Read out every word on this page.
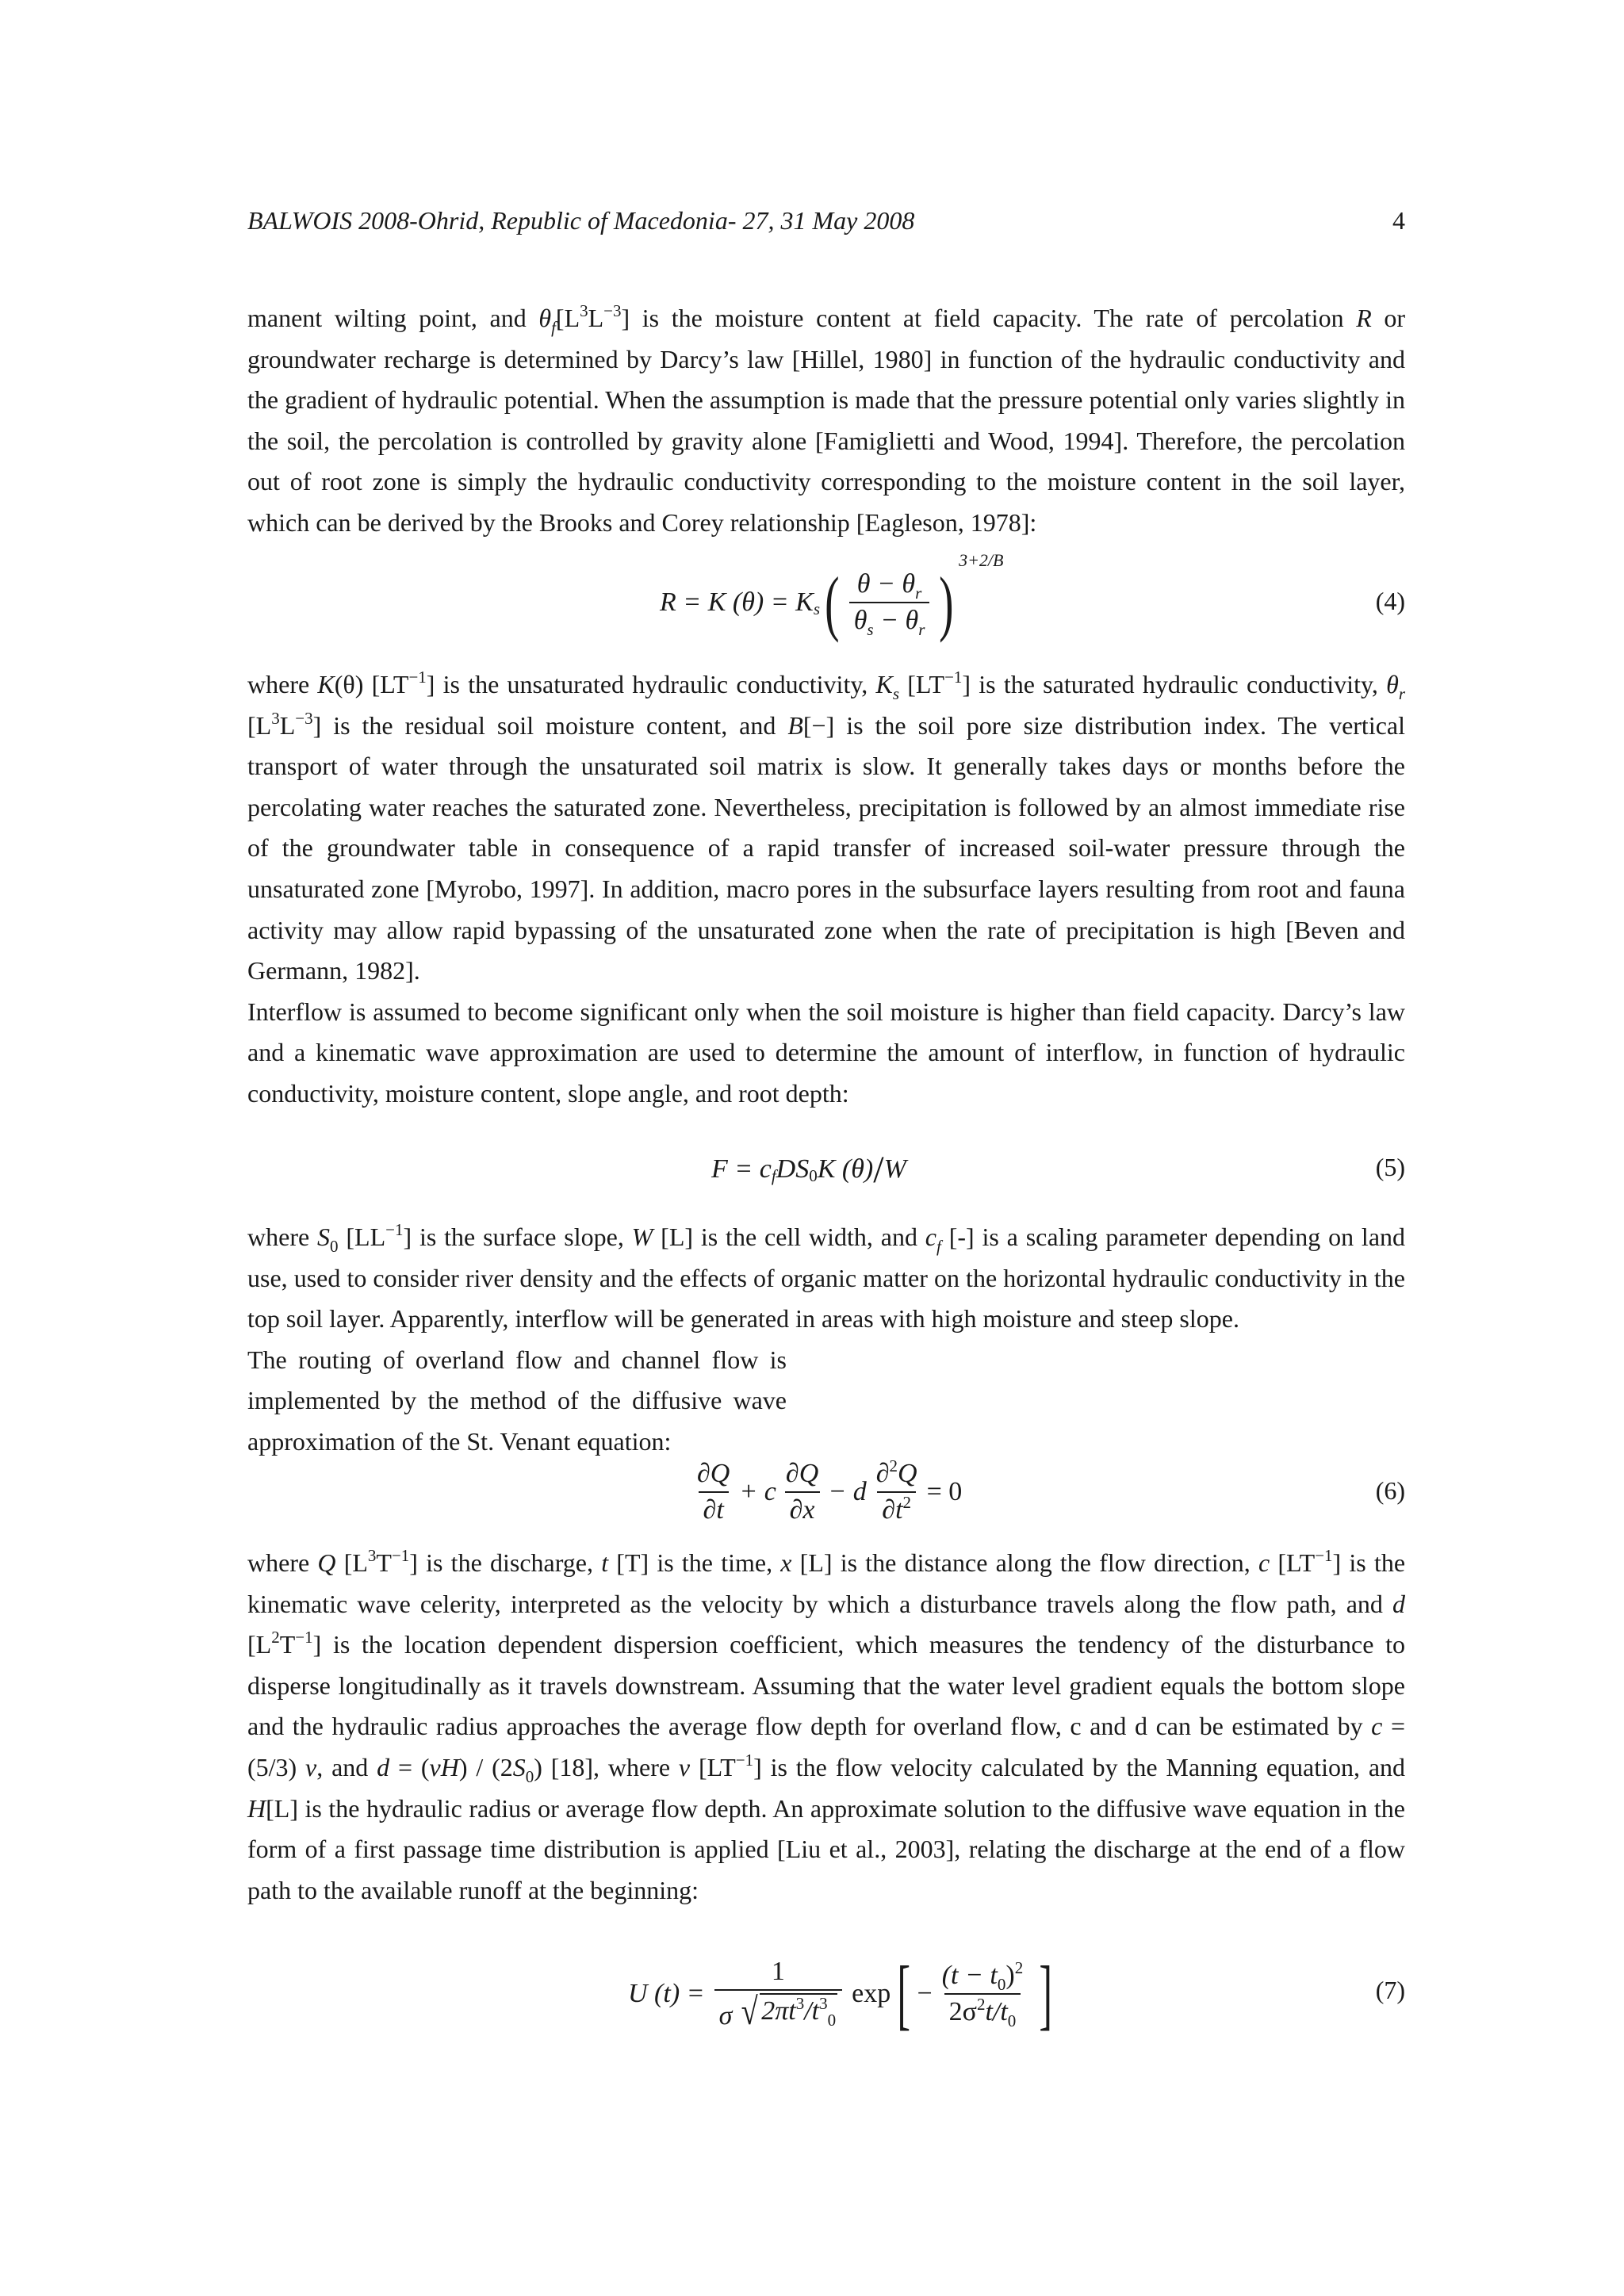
BALWOIS 2008-Ohrid, Republic of Macedonia- 27, 31 May 2008	4

manent wilting point, and $\theta_f[L^3L^{-3}]$ is the moisture content at field capacity. The rate of percolation R or groundwater recharge is determined by Darcy’s law [Hillel, 1980] in function of the hydraulic conductivity and the gradient of hydraulic potential. When the assumption is made that the pressure potential only varies slightly in the soil, the percolation is controlled by gravity alone [Famiglietti and Wood, 1994]. Therefore, the percolation out of root zone is simply the hydraulic conductivity corresponding to the moisture content in the soil layer, which can be derived by the Brooks and Corey relationship [Eagleson, 1978]:

R = K (θ) = K $_s$ ( $\frac{\theta - \theta_r}{\theta_s - \theta_r}$ )
3+2/B
(4)

where K(θ) $[LT^{-1}]$ is the unsaturated hydraulic conductivity, $K_s$ $[LT^{-1}]$ is the saturated hydraulic conductivity, $\theta_r$ $[L^3L^{-3}]$ is the residual soil moisture content, and B[−] is the soil pore size distribution index. The vertical transport of water through the unsaturated soil matrix is slow. It generally takes days or months before the percolating water reaches the saturated zone. Nevertheless, precipitation is followed by an almost immediate rise of the groundwater table in consequence of a rapid transfer of increased soil-water pressure through the unsaturated zone [Myrobo, 1997]. In addition, macro pores in the subsurface layers resulting from root and fauna activity may allow rapid bypassing of the unsaturated zone when the rate of precipitation is high [Beven and Germann, 1982].

Interflow is assumed to become significant only when the soil moisture is higher than field capacity. Darcy’s law and a kinematic wave approximation are used to determine the amount of interflow, in function of hydraulic conductivity, moisture content, slope angle, and root depth:

F = c $_f$ $DS_0$ K (θ) / W	(5)

where $S_0$ $[LL^{-1}]$ is the surface slope, W [L] is the cell width, and $c_f$ [-] is a scaling parameter depending on land use, used to consider river density and the effects of organic matter on the horizontal hydraulic conductivity in the top soil layer. Apparently, interflow will be generated in areas with high moisture and steep slope.

The routing of overland flow and channel flow is implemented by the method of the diffusive wave approximation of the St. Venant equation:

$\frac{\partial Q}{\partial t} + c \frac{\partial Q}{\partial x} - d \frac{\partial^2Q}{\partial t^2} = 0$	(6)

where Q $[L^3T^{-1}]$ is the discharge, t [T] is the time, x [L] is the distance along the flow direction, c $[LT^{-1}]$ is the kinematic wave celerity, interpreted as the velocity by which a disturbance travels along the flow path, and d $[L^2T^{-1}]$ is the location dependent dispersion coefficient, which measures the tendency of the disturbance to disperse longitudinally as it travels downstream. Assuming that the water level gradient equals the bottom slope and the hydraulic radius approaches the average flow depth for overland flow, c and d can be estimated by c = (5/3) v, and $d = (vH) / (2S_0)$ [18], where v $[LT^{-1}]$ is the flow velocity calculated by the Manning equation, and H[L] is the hydraulic radius or average flow depth. An approximate solution to the diffusive wave equation in the form of a first passage time distribution is applied [Liu et al., 2003], relating the discharge at the end of a flow path to the available runoff at the beginning:

U $(t) = \frac{1}{\sigma √ 2\pi t^3/t^3_0}$ exp [ − $\frac{(t - t_0)^2}{2\sigma^2t/t_0}$ ]	(7)
